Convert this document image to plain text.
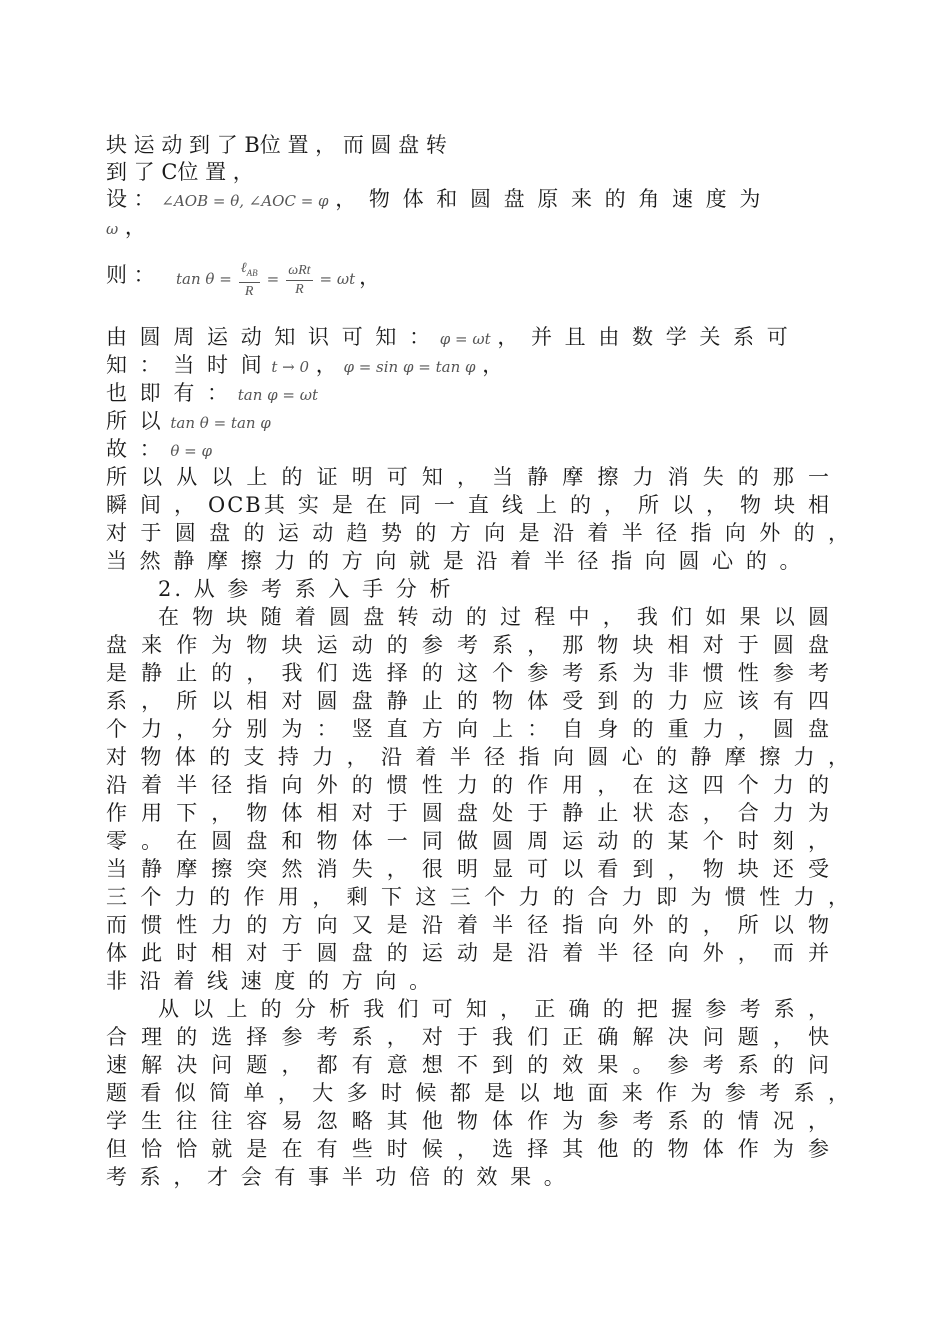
块 运 动 到 了 B位 置 ， 而 圆 盘 转
到 了 C位 置 ，
设 ： ∠AOB = θ, ∠AOC = φ ， 物 体 和 圆 盘 原 来 的 角 速 度 为
ω ，
则 ： $\tan \theta = \frac{\ell_{AB}}{R} = \frac{\text{ωRt}}{R} = \omega t$ ，
由 圆 周 运 动 知 识 可 知 ： φ = ωt ， 并 且 由 数 学 关 系 可
知 ： 当 时 间 t → 0 ， φ = sin φ = tan φ ，
也 即 有 ： tan φ = ωt
所 以 tan θ = tan φ
故 ： θ = φ
所 以 从 以 上 的 证 明 可 知 ， 当 静 摩 擦 力 消 失 的 那 一
瞬 间 ， OCB其 实 是 在 同 一 直 线 上 的 ， 所 以 ， 物 块 相
对 于 圆 盘 的 运 动 趋 势 的 方 向 是 沿 着 半 径 指 向 外 的 ，
当 然 静 摩 擦 力 的 方 向 就 是 沿 着 半 径 指 向 圆 心 的 。
2. 从 参 考 系 入 手 分 析
在 物 块 随 着 圆 盘 转 动 的 过 程 中 ， 我 们 如 果 以 圆
盘 来 作 为 物 块 运 动 的 参 考 系 ， 那 物 块 相 对 于 圆 盘
是 静 止 的 ， 我 们 选 择 的 这 个 参 考 系 为 非 惯 性 参 考
系 ， 所 以 相 对 圆 盘 静 止 的 物 体 受 到 的 力 应 该 有 四
个 力 ， 分 别 为 ： 竖 直 方 向 上 ： 自 身 的 重 力 ， 圆 盘
对 物 体 的 支 持 力 ， 沿 着 半 径 指 向 圆 心 的 静 摩 擦 力 ，
沿 着 半 径 指 向 外 的 惯 性 力 的 作 用 ， 在 这 四 个 力 的
作 用 下 ， 物 体 相 对 于 圆 盘 处 于 静 止 状 态 ， 合 力 为
零 。 在 圆 盘 和 物 体 一 同 做 圆 周 运 动 的 某 个 时 刻 ，
当 静 摩 擦 突 然 消 失 ， 很 明 显 可 以 看 到 ， 物 块 还 受
三 个 力 的 作 用 ， 剩 下 这 三 个 力 的 合 力 即 为 惯 性 力 ，
而 惯 性 力 的 方 向 又 是 沿 着 半 径 指 向 外 的 ， 所 以 物
体 此 时 相 对 于 圆 盘 的 运 动 是 沿 着 半 径 向 外 ， 而 并
非 沿 着 线 速 度 的 方 向 。
从 以 上 的 分 析 我 们 可 知 ， 正 确 的 把 握 参 考 系 ，
合 理 的 选 择 参 考 系 ， 对 于 我 们 正 确 解 决 问 题 ， 快
速 解 决 问 题 ， 都 有 意 想 不 到 的 效 果 。 参 考 系 的 问
题 看 似 简 单 ， 大 多 时 候 都 是 以 地 面 来 作 为 参 考 系 ，
学 生 往 往 容 易 忽 略 其 他 物 体 作 为 参 考 系 的 情 况 ，
但 恰 恰 就 是 在 有 些 时 候 ， 选 择 其 他 的 物 体 作 为 参
考 系 ， 才 会 有 事 半 功 倍 的 效 果 。
